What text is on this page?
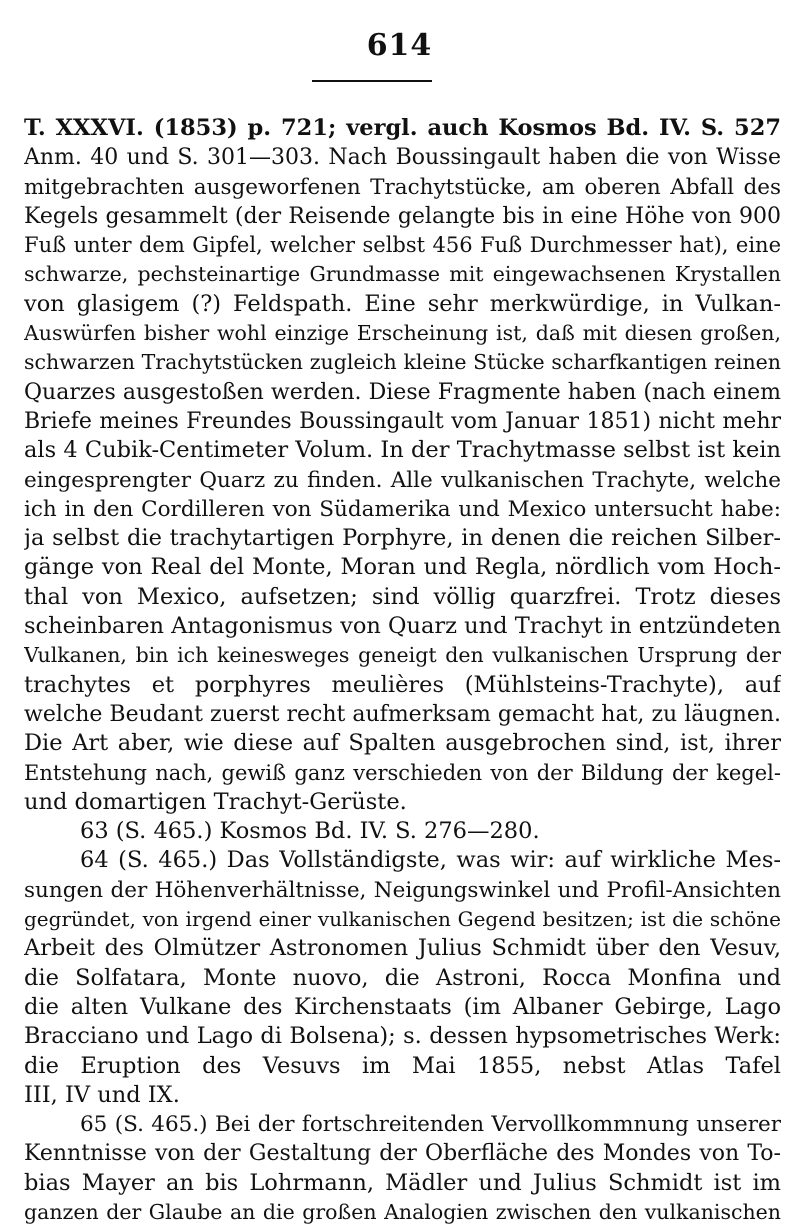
614
T. XXXVI. (1853) p. 721; vergl. auch Kosmos Bd. IV. S. 527
Anm. 40 und S. 301—303. Nach Boussingault haben die von Wisse
mitgebrachten ausgeworfenen Trachytstücke, am oberen Abfall des
Kegels gesammelt (der Reisende gelangte bis in eine Höhe von 900
Fuß unter dem Gipfel, welcher selbst 456 Fuß Durchmesser hat), eine
schwarze, pechsteinartige Grundmasse mit eingewachsenen Krystallen
von glasigem (?) Feldspath. Eine sehr merkwürdige, in Vulkan-
Auswürfen bisher wohl einzige Erscheinung ist, daß mit diesen großen,
schwarzen Trachytstücken zugleich kleine Stücke scharfkantigen reinen
Quarzes ausgestoßen werden. Diese Fragmente haben (nach einem
Briefe meines Freundes Boussingault vom Januar 1851) nicht mehr
als 4 Cubik-Centimeter Volum. In der Trachytmasse selbst ist kein
eingesprengter Quarz zu finden. Alle vulkanischen Trachyte, welche
ich in den Cordilleren von Südamerika und Mexico untersucht habe:
ja selbst die trachytartigen Porphyre, in denen die reichen Silber-
gänge von Real del Monte, Moran und Regla, nördlich vom Hoch-
thal von Mexico, aufsetzen; sind völlig quarzfrei. Trotz dieses
scheinbaren Antagonismus von Quarz und Trachyt in entzündeten
Vulkanen, bin ich keinesweges geneigt den vulkanischen Ursprung der
trachytes et porphyres meulières (Mühlsteins-Trachyte), auf
welche Beudant zuerst recht aufmerksam gemacht hat, zu läugnen.
Die Art aber, wie diese auf Spalten ausgebrochen sind, ist, ihrer
Entstehung nach, gewiß ganz verschieden von der Bildung der kegel-
und domartigen Trachyt-Gerüste.
63 (S. 465.) Kosmos Bd. IV. S. 276—280.
64 (S. 465.) Das Vollständigste, was wir: auf wirkliche Mes-
sungen der Höhenverhältnisse, Neigungswinkel und Profil-Ansichten
gegründet, von irgend einer vulkanischen Gegend besitzen; ist die schöne
Arbeit des Olmützer Astronomen Julius Schmidt über den Vesuv,
die Solfatara, Monte nuovo, die Astroni, Rocca Monfina und
die alten Vulkane des Kirchenstaats (im Albaner Gebirge, Lago
Bracciano und Lago di Bolsena); s. dessen hypsometrisches Werk:
die Eruption des Vesuvs im Mai 1855, nebst Atlas Tafel
III, IV und IX.
65 (S. 465.) Bei der fortschreitenden Vervollkommnung unserer
Kenntnisse von der Gestaltung der Oberfläche des Mondes von To-
bias Mayer an bis Lohrmann, Mädler und Julius Schmidt ist im
ganzen der Glaube an die großen Analogien zwischen den vulkanischen
